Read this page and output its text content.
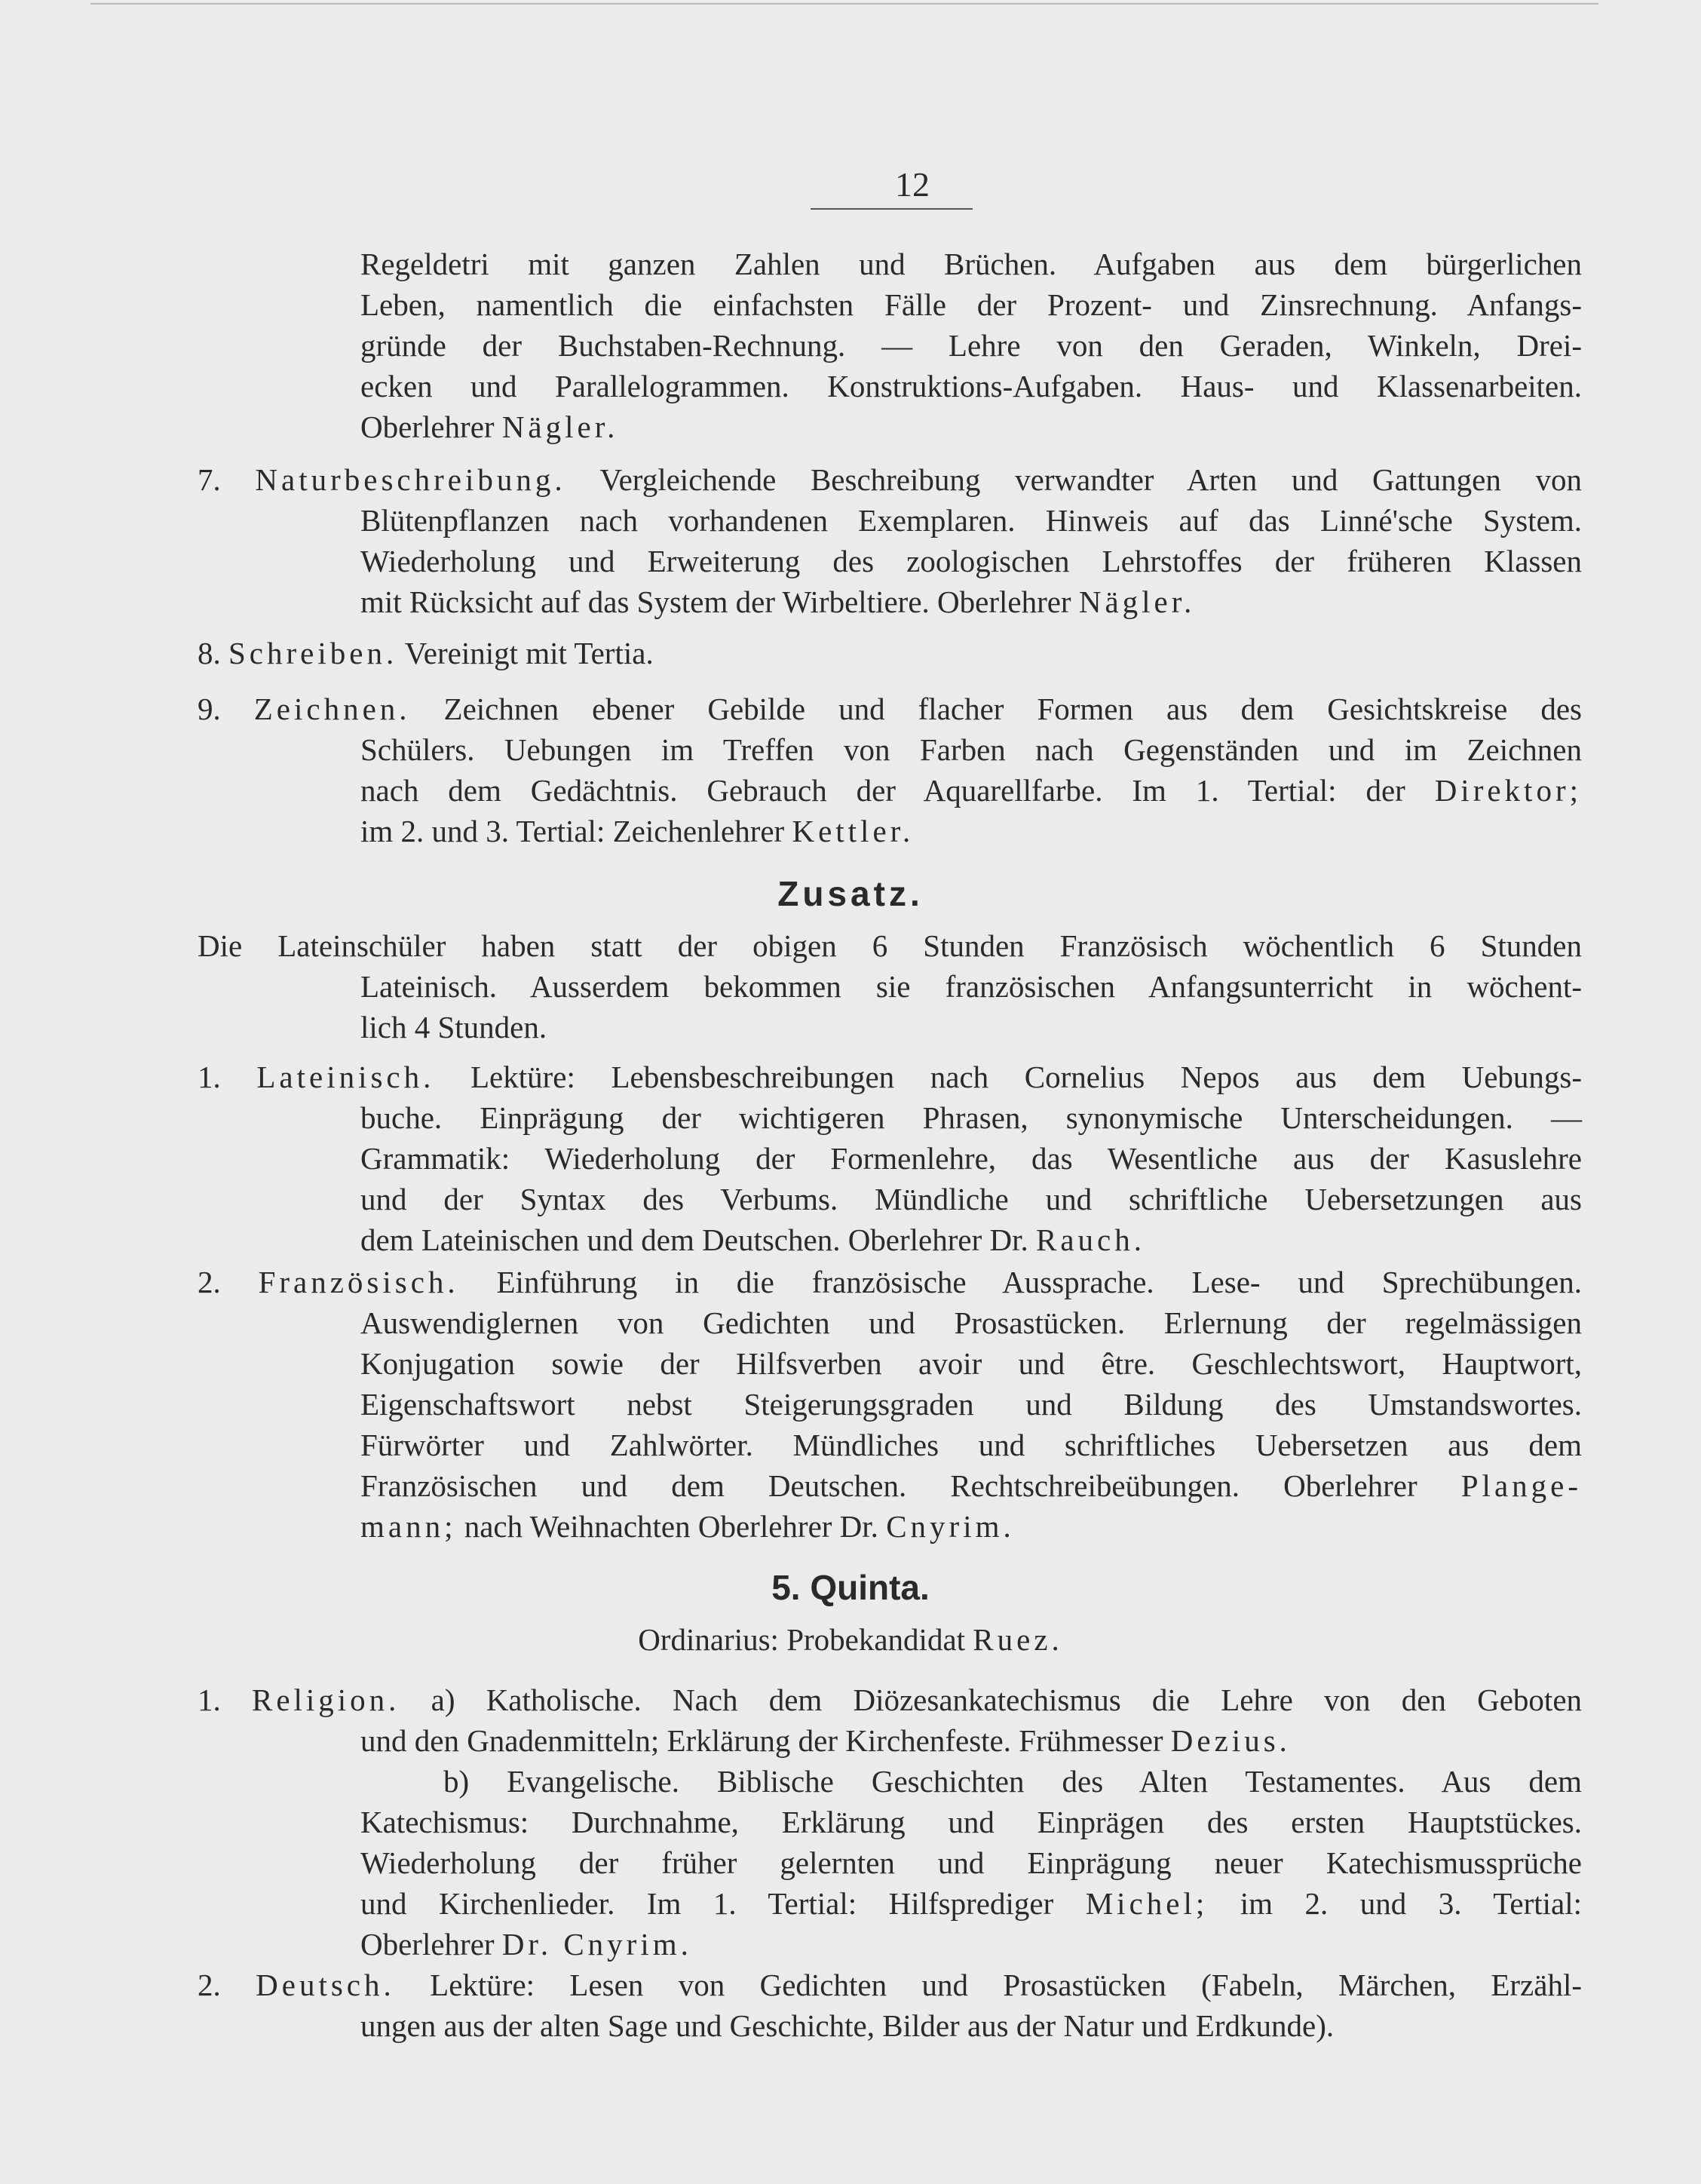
12
Regeldetri mit ganzen Zahlen und Brüchen. Aufgaben aus dem bürgerlichen
Leben, namentlich die einfachsten Fälle der Prozent- und Zinsrechnung. Anfangs-
gründe der Buchstaben-Rechnung. — Lehre von den Geraden, Winkeln, Drei-
ecken und Parallelogrammen. Konstruktions-Aufgaben. Haus- und Klassenarbeiten.
Oberlehrer Nägler.
7. Naturbeschreibung. Vergleichende Beschreibung verwandter Arten und Gattungen von
Blütenpflanzen nach vorhandenen Exemplaren. Hinweis auf das Linné'sche System.
Wiederholung und Erweiterung des zoologischen Lehrstoffes der früheren Klassen
mit Rücksicht auf das System der Wirbeltiere. Oberlehrer Nägler.
8. Schreiben. Vereinigt mit Tertia.
9. Zeichnen. Zeichnen ebener Gebilde und flacher Formen aus dem Gesichtskreise des
Schülers. Uebungen im Treffen von Farben nach Gegenständen und im Zeichnen
nach dem Gedächtnis. Gebrauch der Aquarellfarbe. Im 1. Tertial: der Direktor;
im 2. und 3. Tertial: Zeichenlehrer Kettler.
Zusatz.
Die Lateinschüler haben statt der obigen 6 Stunden Französisch wöchentlich 6 Stunden
Lateinisch. Ausserdem bekommen sie französischen Anfangsunterricht in wöchent-
lich 4 Stunden.
1. Lateinisch. Lektüre: Lebensbeschreibungen nach Cornelius Nepos aus dem Uebungs-
buche. Einprägung der wichtigeren Phrasen, synonymische Unterscheidungen. —
Grammatik: Wiederholung der Formenlehre, das Wesentliche aus der Kasuslehre
und der Syntax des Verbums. Mündliche und schriftliche Uebersetzungen aus
dem Lateinischen und dem Deutschen. Oberlehrer Dr. Rauch.
2. Französisch. Einführung in die französische Aussprache. Lese- und Sprechübungen.
Auswendiglernen von Gedichten und Prosastücken. Erlernung der regelmässigen
Konjugation sowie der Hilfsverben avoir und être. Geschlechtswort, Hauptwort,
Eigenschaftswort nebst Steigerungsgraden und Bildung des Umstandswortes.
Fürwörter und Zahlwörter. Mündliches und schriftliches Uebersetzen aus dem
Französischen und dem Deutschen. Rechtschreibeübungen. Oberlehrer Plange-
mann; nach Weihnachten Oberlehrer Dr. Cnyrim.
5. Quinta.
Ordinarius: Probekandidat Ruez.
1. Religion. a) Katholische. Nach dem Diözesankatechismus die Lehre von den Geboten
und den Gnadenmitteln; Erklärung der Kirchenfeste. Frühmesser Dezius.
b) Evangelische. Biblische Geschichten des Alten Testamentes. Aus dem
Katechismus: Durchnahme, Erklärung und Einprägen des ersten Hauptstückes.
Wiederholung der früher gelernten und Einprägung neuer Katechismussprüche
und Kirchenlieder. Im 1. Tertial: Hilfsprediger Michel; im 2. und 3. Tertial:
Oberlehrer Dr. Cnyrim.
2. Deutsch. Lektüre: Lesen von Gedichten und Prosastücken (Fabeln, Märchen, Erzähl-
ungen aus der alten Sage und Geschichte, Bilder aus der Natur und Erdkunde).
